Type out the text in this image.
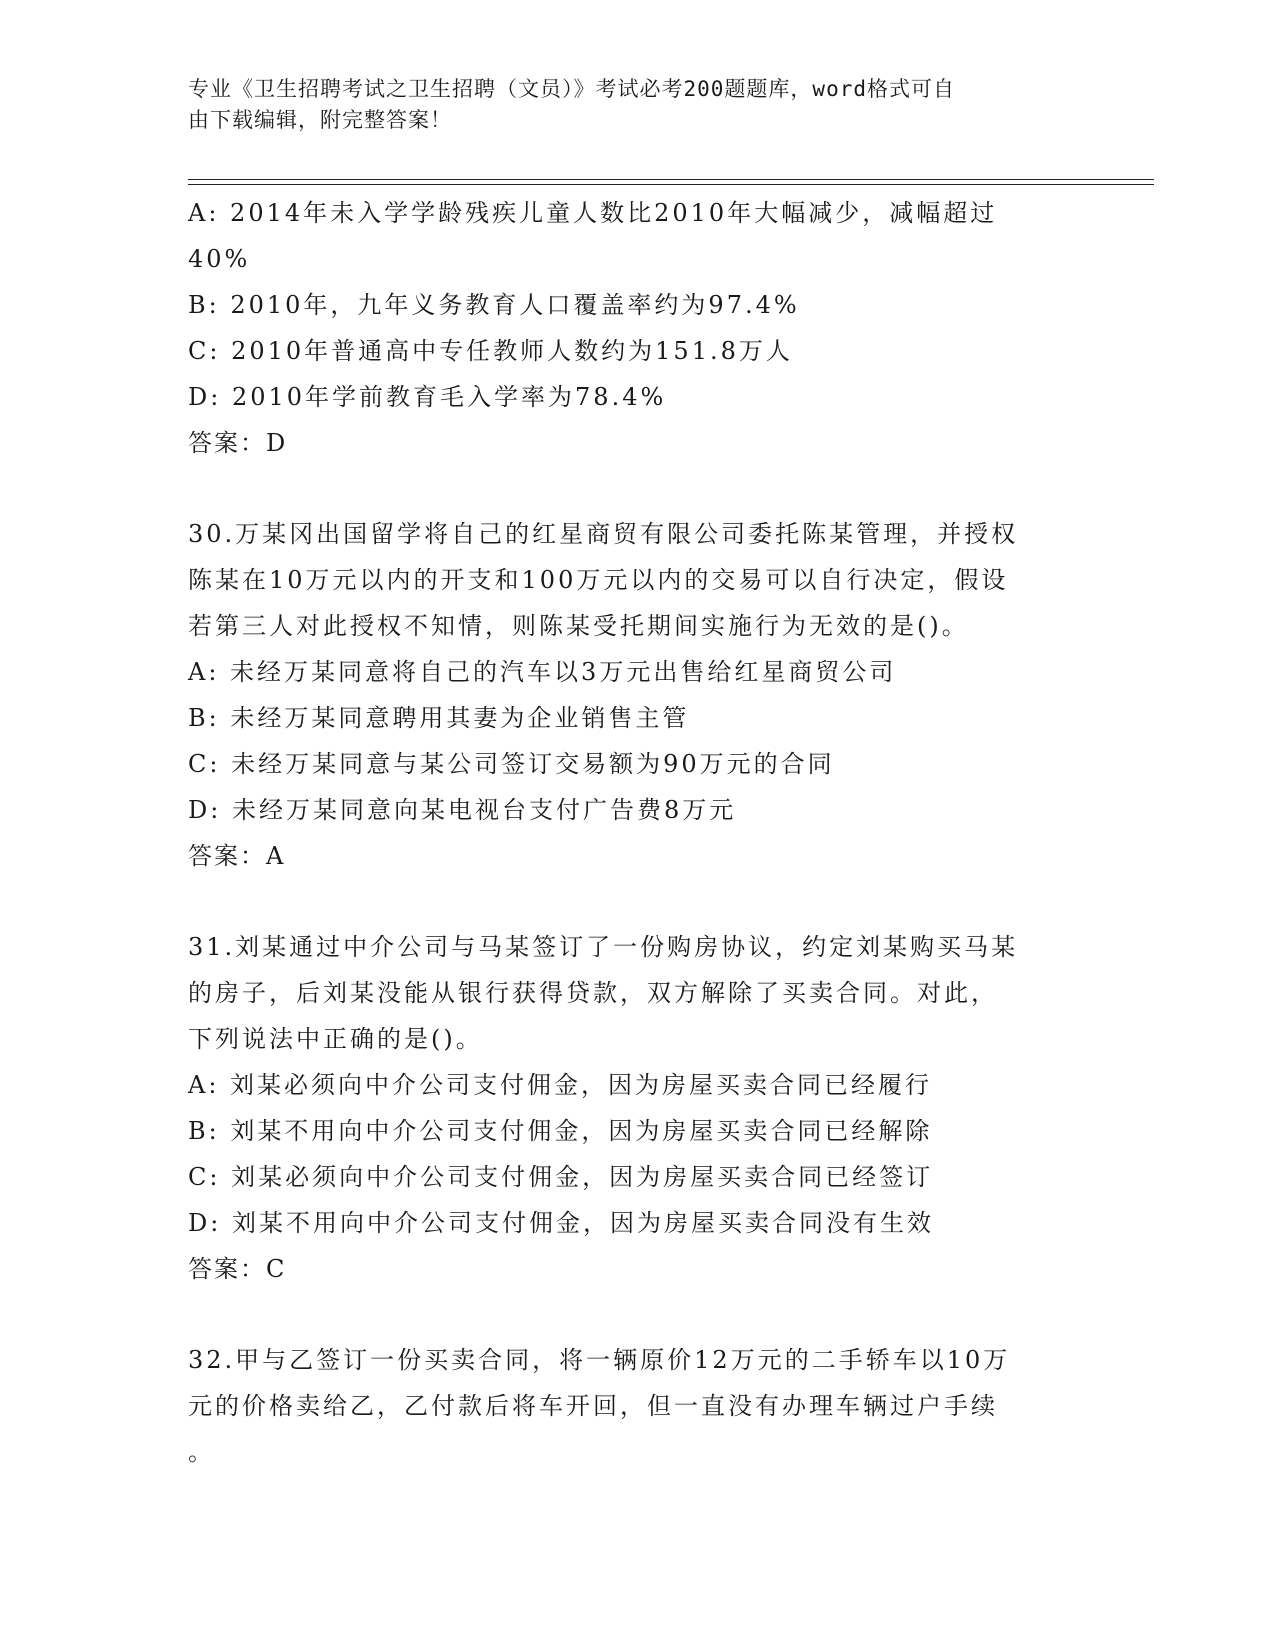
专业《卫生招聘考试之卫生招聘（文员）》考试必考200题题库，word格式可自
由下载编辑，附完整答案！
A: 2014年未入学学龄残疾儿童人数比2010年大幅减少，减幅超过
40%
B: 2010年，九年义务教育人口覆盖率约为97.4%
C: 2010年普通高中专任教师人数约为151.8万人
D: 2010年学前教育毛入学率为78.4%
答案：D
30.万某冈出国留学将自己的红星商贸有限公司委托陈某管理，并授权
陈某在10万元以内的开支和100万元以内的交易可以自行决定，假设
若第三人对此授权不知情，则陈某受托期间实施行为无效的是()。
A: 未经万某同意将自己的汽车以3万元出售给红星商贸公司
B: 未经万某同意聘用其妻为企业销售主管
C: 未经万某同意与某公司签订交易额为90万元的合同
D: 未经万某同意向某电视台支付广告费8万元
答案：A
31.刘某通过中介公司与马某签订了一份购房协议，约定刘某购买马某
的房子，后刘某没能从银行获得贷款，双方解除了买卖合同。对此，
下列说法中正确的是()。
A: 刘某必须向中介公司支付佣金，因为房屋买卖合同已经履行
B: 刘某不用向中介公司支付佣金，因为房屋买卖合同已经解除
C: 刘某必须向中介公司支付佣金，因为房屋买卖合同已经签订
D: 刘某不用向中介公司支付佣金，因为房屋买卖合同没有生效
答案：C
32.甲与乙签订一份买卖合同，将一辆原价12万元的二手轿车以10万
元的价格卖给乙，乙付款后将车开回，但一直没有办理车辆过户手续
。
